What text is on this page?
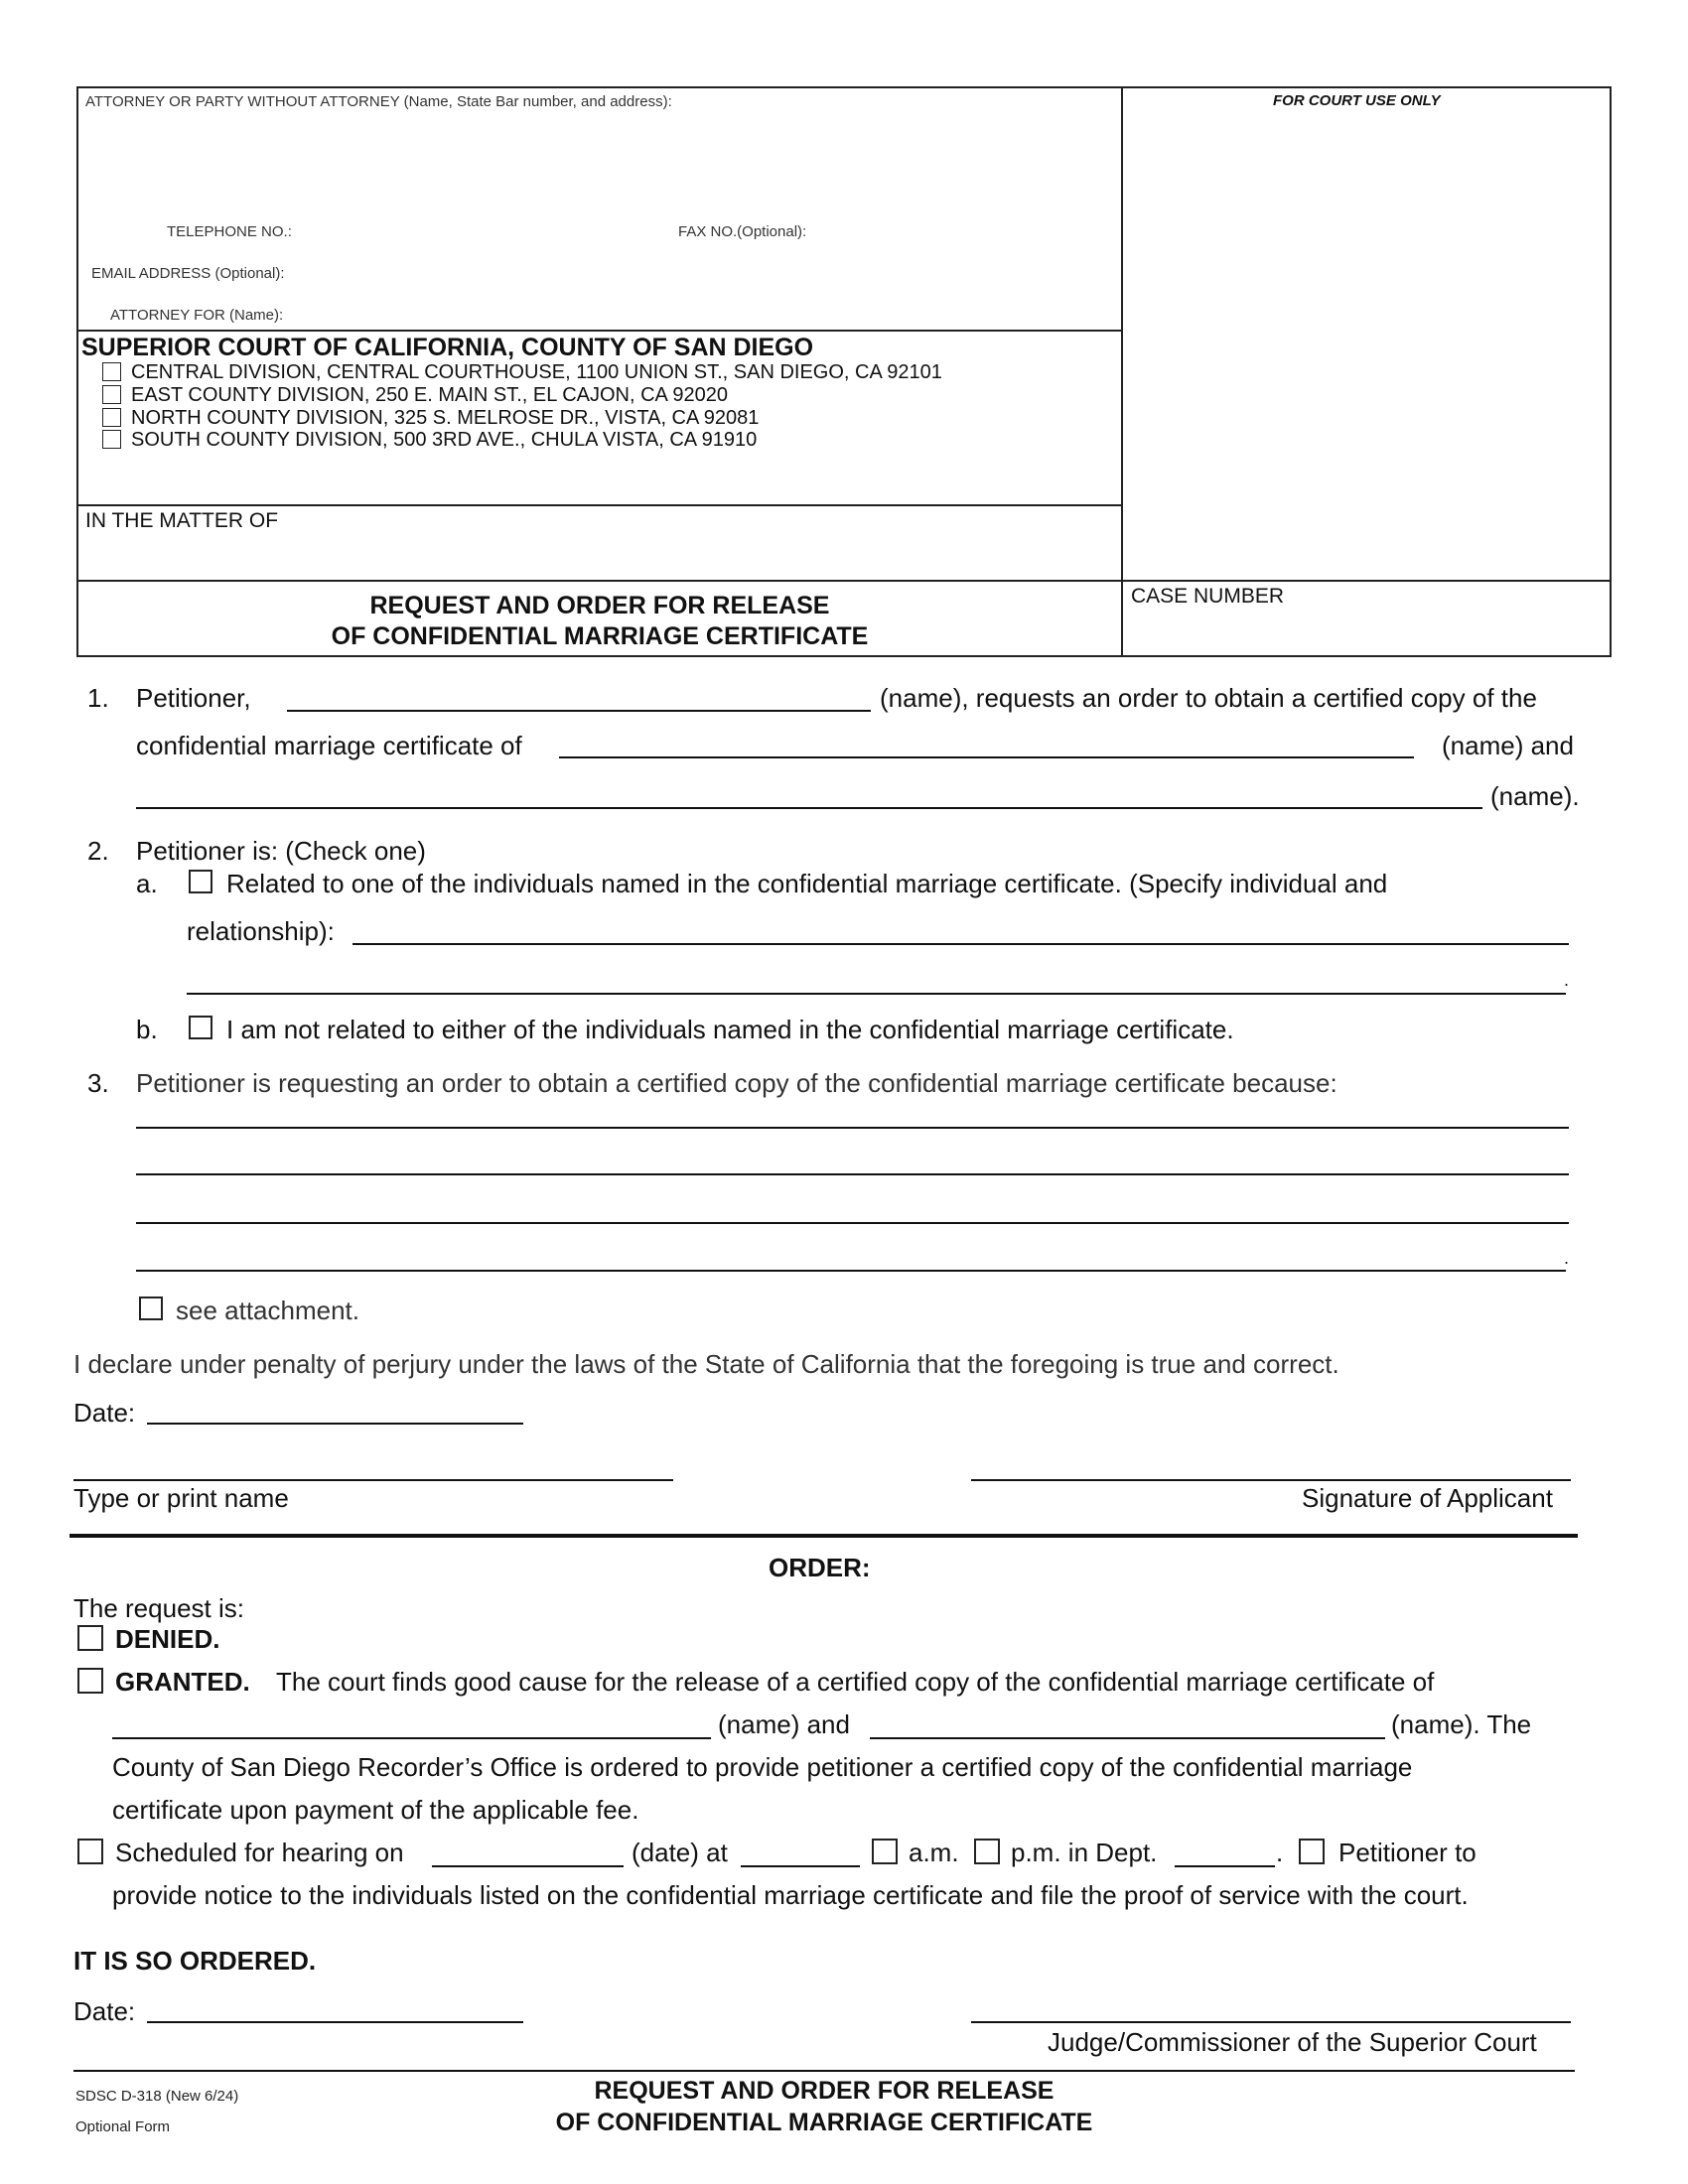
ATTORNEY OR PARTY WITHOUT ATTORNEY (Name, State Bar number, and address):	FOR COURT USE ONLY
TELEPHONE NO.:	FAX NO.(Optional):
EMAIL ADDRESS (Optional):
ATTORNEY FOR (Name):
SUPERIOR COURT OF CALIFORNIA, COUNTY OF SAN DIEGO
CENTRAL DIVISION, CENTRAL COURTHOUSE, 1100 UNION ST., SAN DIEGO, CA 92101
EAST COUNTY DIVISION, 250 E. MAIN ST., EL CAJON, CA 92020
NORTH COUNTY DIVISION, 325 S. MELROSE DR., VISTA, CA 92081
SOUTH COUNTY DIVISION, 500 3RD AVE., CHULA VISTA, CA 91910
IN THE MATTER OF
REQUEST AND ORDER FOR RELEASE
OF CONFIDENTIAL MARRIAGE CERTIFICATE
CASE NUMBER
1. Petitioner,	(name), requests an order to obtain a certified copy of the
confidential marriage certificate of	(name) and
(name).
2. Petitioner is: (Check one)
a.	Related to one of the individuals named in the confidential marriage certificate. (Specify individual and
relationship):
.
b.	I am not related to either of the individuals named in the confidential marriage certificate.
3. Petitioner is requesting an order to obtain a certified copy of the confidential marriage certificate because:
.
see attachment.
I declare under penalty of perjury under the laws of the State of California that the foregoing is true and correct.
Date:
Type or print name	Signature of Applicant
ORDER:
The request is:
DENIED.
GRANTED. The court finds good cause for the release of a certified copy of the confidential marriage certificate of
(name) and	(name). The
County of San Diego Recorder’s Office is ordered to provide petitioner a certified copy of the confidential marriage
certificate upon payment of the applicable fee.
Scheduled for hearing on	(date) at	a.m. p.m. in Dept.	. Petitioner to
provide notice to the individuals listed on the confidential marriage certificate and file the proof of service with the court.
IT IS SO ORDERED.
Date:
Judge/Commissioner of the Superior Court
SDSC D-318 (New 6/24)
Optional Form
REQUEST AND ORDER FOR RELEASE
OF CONFIDENTIAL MARRIAGE CERTIFICATE
